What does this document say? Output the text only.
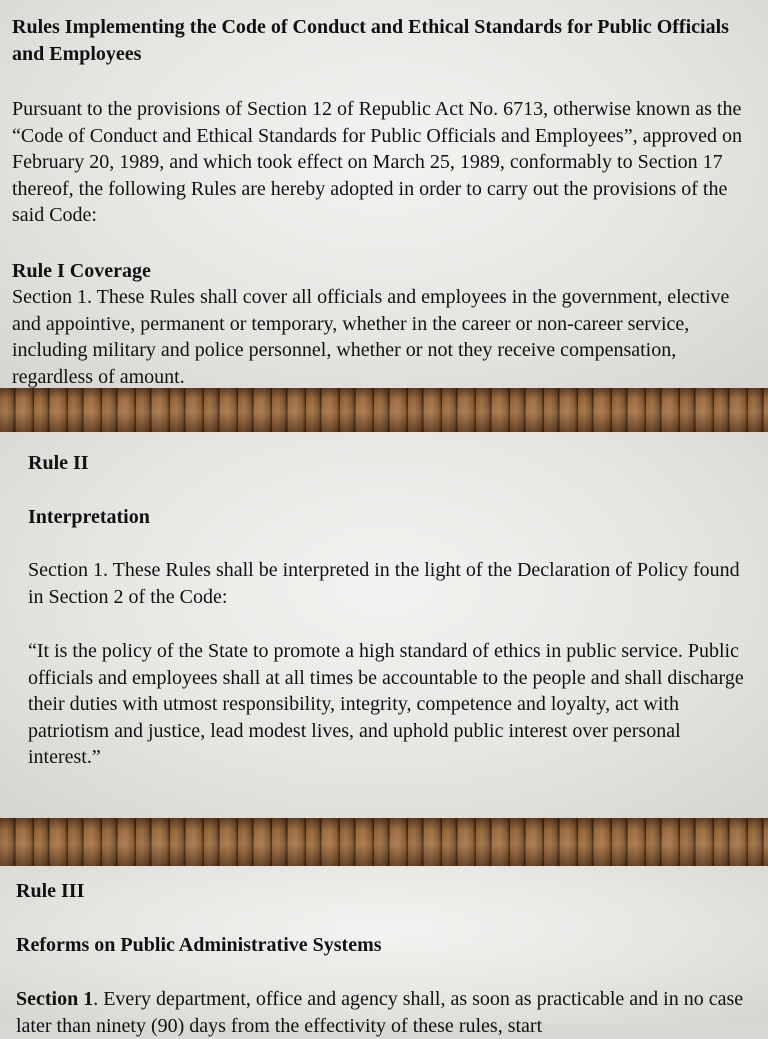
Rules Implementing the Code of Conduct and Ethical Standards for Public Officials and Employees

Pursuant to the provisions of Section 12 of Republic Act No. 6713, otherwise known as the “Code of Conduct and Ethical Standards for Public Officials and Employees”, approved on February 20, 1989, and which took effect on March 25, 1989, conformably to Section 17 thereof, the following Rules are hereby adopted in order to carry out the provisions of the said Code:

Rule I Coverage

Section 1. These Rules shall cover all officials and employees in the government, elective and appointive, permanent or temporary, whether in the career or non-career service, including military and police personnel, whether or not they receive compensation, regardless of amount.

Rule II

Interpretation

Section 1. These Rules shall be interpreted in the light of the Declaration of Policy found in Section 2 of the Code:

“It is the policy of the State to promote a high standard of ethics in public service. Public officials and employees shall at all times be accountable to the people and shall discharge their duties with utmost responsibility, integrity, competence and loyalty, act with patriotism and justice, lead modest lives, and uphold public interest over personal interest.”

Rule III

Reforms on Public Administrative Systems

Section 1. Every department, office and agency shall, as soon as practicable and in no case later than ninety (90) days from the effectivity of these rules, start
